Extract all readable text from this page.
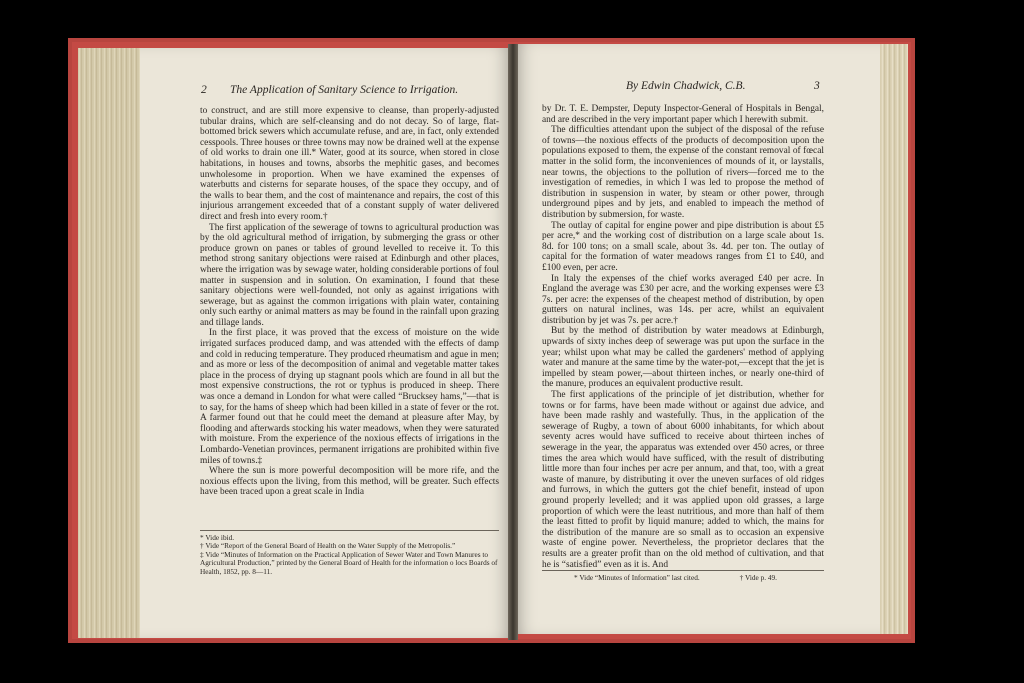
2 The Application of Sanitary Science to Irrigation.

to construct, and are still more expensive to cleanse, than properly-adjusted tubular drains, which are self-cleansing and do not decay. So of large, flat-bottomed brick sewers which accumulate refuse, and are, in fact, only extended cesspools. Three houses or three towns may now be drained well at the expense of old works to drain one ill.* Water, good at its source, when stored in close habitations, in houses and towns, absorbs the mephitic gases, and becomes unwholesome in proportion. When we have examined the expenses of waterbutts and cisterns for separate houses, of the space they occupy, and of the walls to bear them, and the cost of maintenance and repairs, the cost of this injurious arrangement exceeded that of a constant supply of water delivered direct and fresh into every room.†

The first application of the sewerage of towns to agricultural production was by the old agricultural method of irrigation, by submerging the grass or other produce grown on panes or tables of ground levelled to receive it. To this method strong sanitary objections were raised at Edinburgh and other places, where the irrigation was by sewage water, holding considerable portions of foul matter in suspension and in solution. On examination, I found that these sanitary objections were well-founded, not only as against irrigations with sewerage, but as against the common irrigations with plain water, containing only such earthy or animal matters as may be found in the rainfall upon grazing and tillage lands.

In the first place, it was proved that the excess of moisture on the wide irrigated surfaces produced damp, and was attended with the effects of damp and cold in reducing temperature. They produced rheumatism and ague in men; and as more or less of the decomposition of animal and vegetable matter takes place in the process of drying up stagnant pools which are found in all but the most expensive constructions, the rot or typhus is produced in sheep. There was once a demand in London for what were called “Brucksey hams,”—that is to say, for the hams of sheep which had been killed in a state of fever or the rot. A farmer found out that he could meet the demand at pleasure after May, by flooding and afterwards stocking his water meadows, when they were saturated with moisture. From the experience of the noxious effects of irrigations in the Lombardo-Venetian provinces, permanent irrigations are prohibited within five miles of towns.‡

Where the sun is more powerful decomposition will be more rife, and the noxious effects upon the living, from this method, will be greater. Such effects have been traced upon a great scale in India

* Vide ibid.
† Vide “Report of the General Board of Health on the Water Supply of the Metropolis.”
‡ Vide “Minutes of Information on the Practical Application of Sewer Water and Town Manures to Agricultural Production,” printed by the General Board of Health for the information o locs Boards of Health, 1852, pp. 8—11.
By Edwin Chadwick, C.B.	3

by Dr. T. E. Dempster, Deputy Inspector-General of Hospitals in Bengal, and are described in the very important paper which I herewith submit.

The difficulties attendant upon the subject of the disposal of the refuse of towns—the noxious effects of the products of decomposition upon the populations exposed to them, the expense of the constant removal of fœcal matter in the solid form, the inconveniences of mounds of it, or laystalls, near towns, the objections to the pollution of rivers—forced me to the investigation of remedies, in which I was led to propose the method of distribution in suspension in water, by steam or other power, through underground pipes and by jets, and enabled to impeach the method of distribution by submersion, for waste.

The outlay of capital for engine power and pipe distribution is about £5 per acre,* and the working cost of distribution on a large scale about 1s. 8d. for 100 tons; on a small scale, about 3s. 4d. per ton. The outlay of capital for the formation of water meadows ranges from £1 to £40, and £100 even, per acre.

In Italy the expenses of the chief works averaged £40 per acre. In England the average was £30 per acre, and the working expenses were £3 7s. per acre: the expenses of the cheapest method of distribution, by open gutters on natural inclines, was 14s. per acre, whilst an equivalent distribution by jet was 7s. per acre.†

But by the method of distribution by water meadows at Edinburgh, upwards of sixty inches deep of sewerage was put upon the surface in the year; whilst upon what may be called the gardeners' method of applying water and manure at the same time by the water-pot,—except that the jet is impelled by steam power,—about thirteen inches, or nearly one-third of the manure, produces an equivalent productive result.

The first applications of the principle of jet distribution, whether for towns or for farms, have been made without or against due advice, and have been made rashly and wastefully. Thus, in the application of the sewerage of Rugby, a town of about 6000 inhabitants, for which about seventy acres would have sufficed to receive about thirteen inches of sewerage in the year, the apparatus was extended over 450 acres, or three times the area which would have sufficed, with the result of distributing little more than four inches per acre per annum, and that, too, with a great waste of manure, by distributing it over the uneven surfaces of old ridges and furrows, in which the gutters got the chief benefit, instead of upon ground properly levelled; and it was applied upon old grasses, a large proportion of which were the least nutritious, and more than half of them the least fitted to profit by liquid manure; added to which, the mains for the distribution of the manure are so small as to occasion an expensive waste of engine power. Nevertheless, the proprietor declares that the results are a greater profit than on the old method of cultivation, and that he is “satisfied” even as it is. And

* Vide “Minutes of Information” last cited.	† Vide p. 49.
